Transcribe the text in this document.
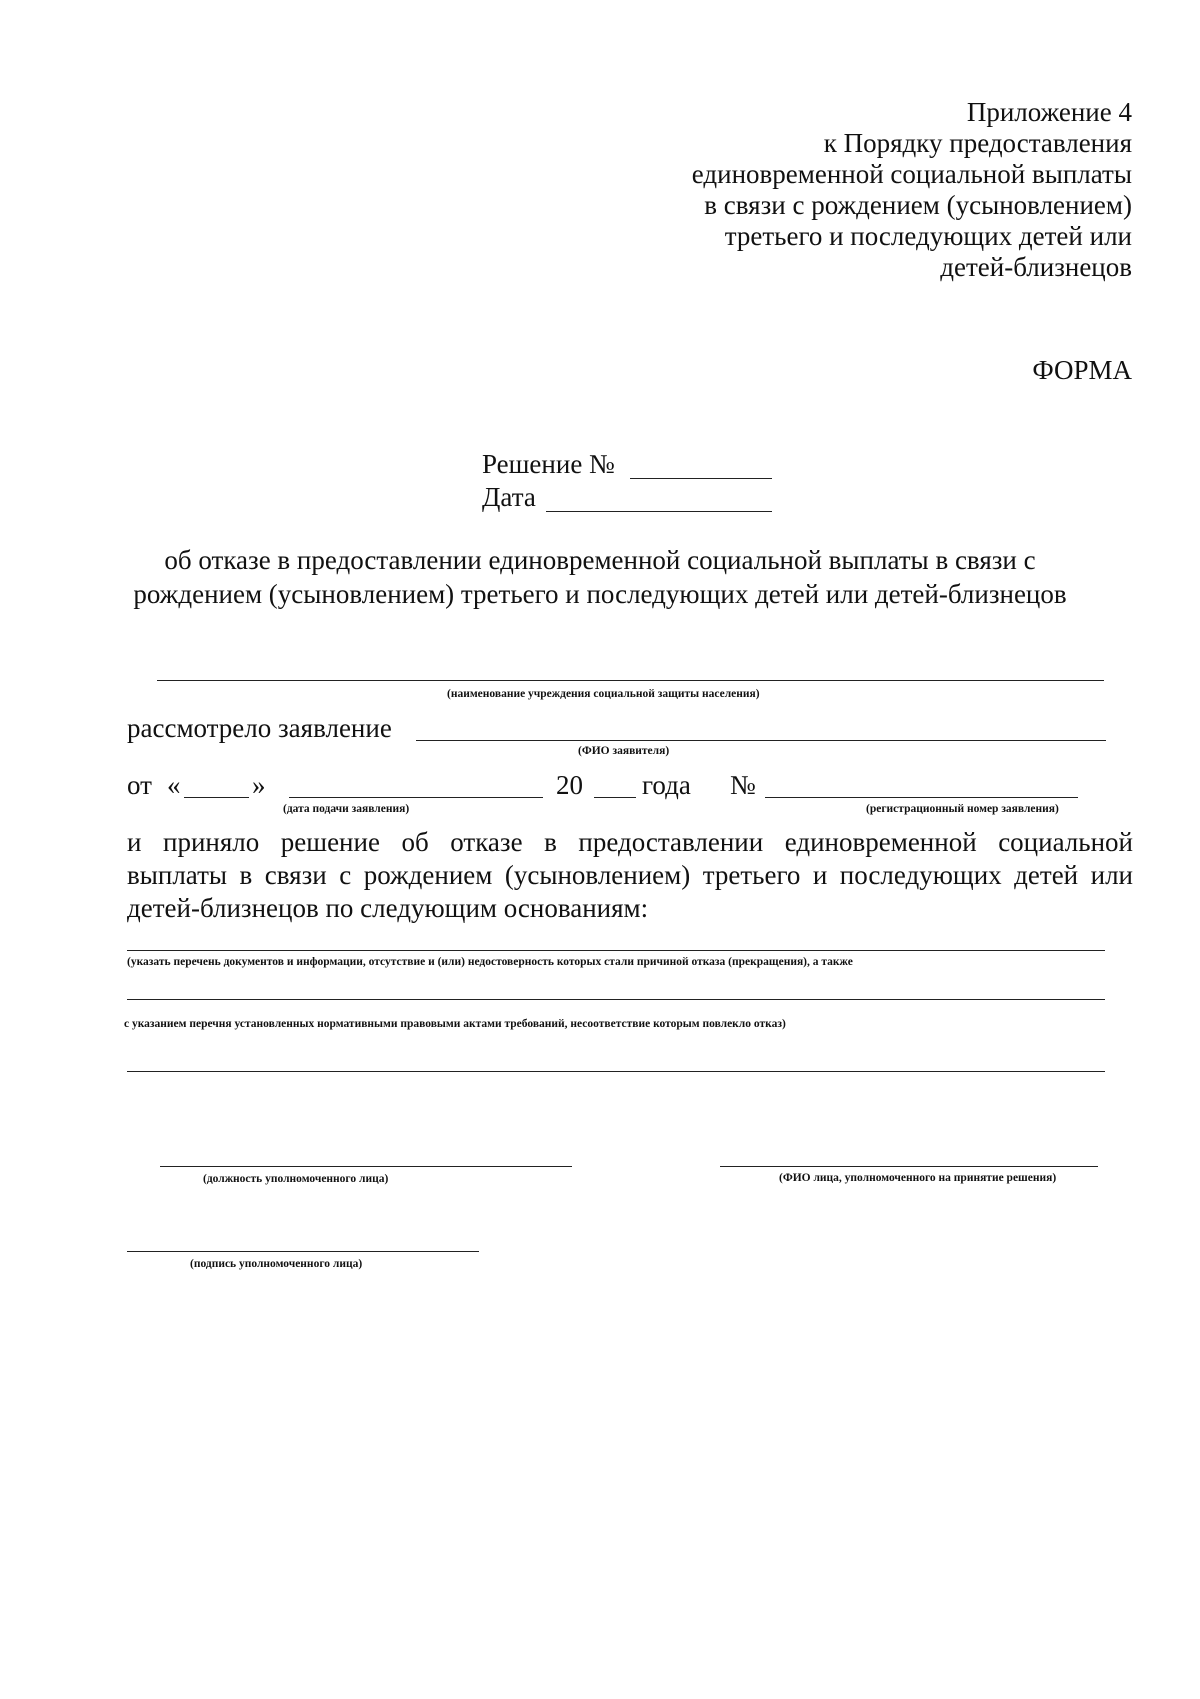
Приложение 4
к Порядку предоставления
единовременной социальной выплаты
в связи с рождением (усыновлением)
третьего и последующих детей или
детей-близнецов
ФОРМА
Решение №
Дата
об отказе в предоставлении единовременной социальной выплаты в связи с
рождением (усыновлением) третьего и последующих детей или детей-близнецов
(наименование учреждения социальной защиты населения)
рассмотрело заявление
(ФИО заявителя)
от «	»
(дата подачи заявления)
20 года №
(регистрационный номер заявления)
и приняло решение об отказе в предоставлении единовременной социальной
выплаты в связи с рождением (усыновлением) третьего и последующих детей или
детей-близнецов по следующим основаниям:
(указать перечень документов и информации, отсутствие и (или) недостоверность которых стали причиной отказа (прекращения), а также
с указанием перечня установленных нормативными правовыми актами требований, несоответствие которым повлекло отказ)
(должность уполномоченного лица)	(ФИО лица, уполномоченного на принятие решения)
(подпись уполномоченного лица)
